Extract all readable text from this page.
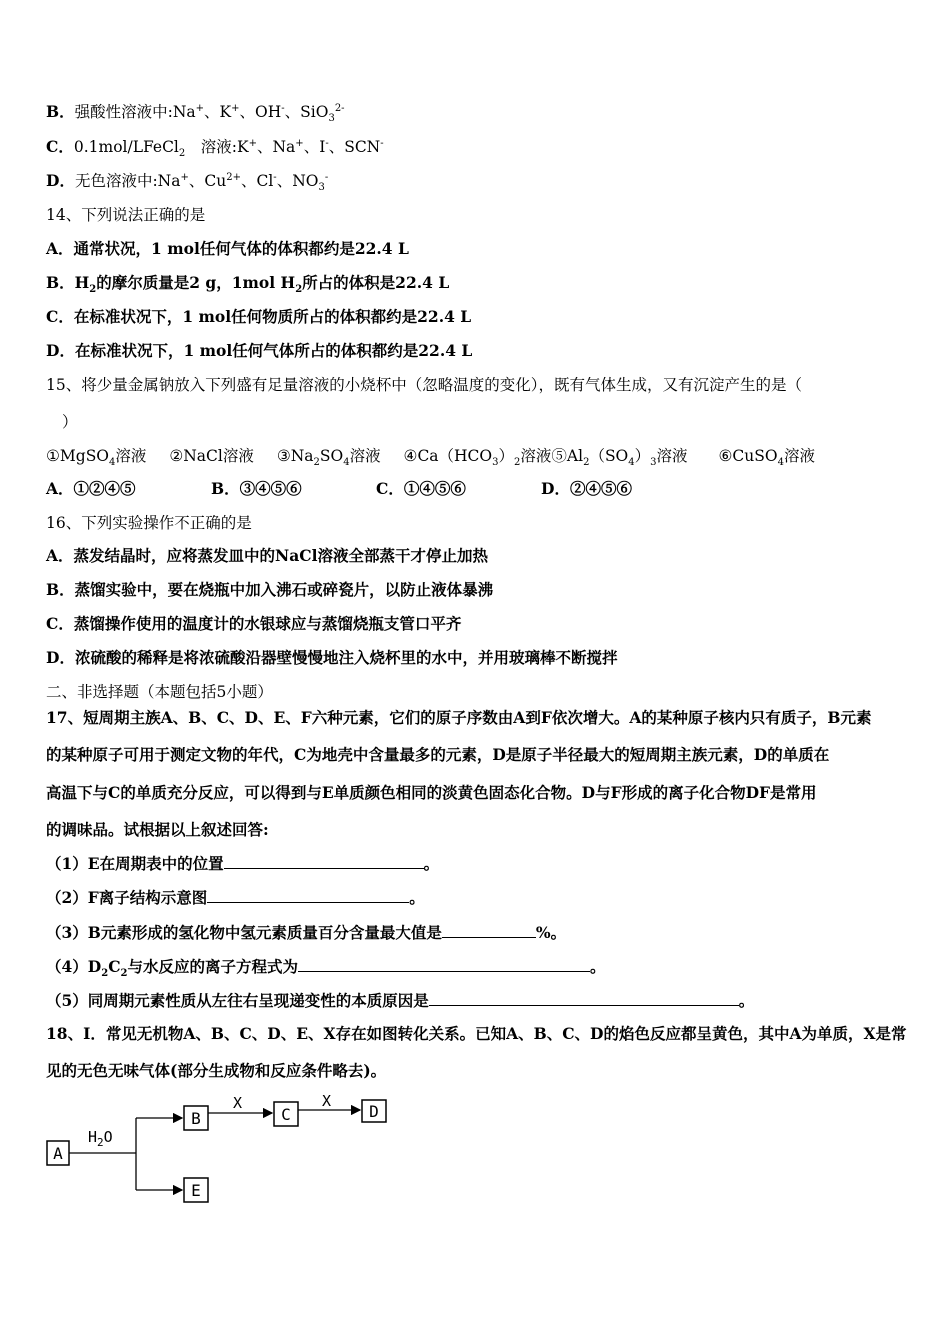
B．强酸性溶液中:Na+、K+、OH-、SiO$_3^{2-}$
C．0.1mol/LFeCl$_2$　溶液:K+、Na+、I-、SCN-
D．无色溶液中:Na+、$Cu^{2+}$、Cl-、$NO_3^-$
14、下列说法正确的是
A．通常状况，1 mol任何气体的体积都约是22.4 L
B．$H_2$的摩尔质量是2 g，1mol $H_2$所占的体积是22.4 L
C．在标准状况下，1 mol任何物质所占的体积都约是22.4 L
D．在标准状况下，1 mol任何气体所占的体积都约是22.4 L
15、将少量金属钠放入下列盛有足量溶液的小烧杯中（忽略温度的变化），既有气体生成，又有沉淀产生的是（
）
①MgSO$_4$溶液 ②NaCl溶液 $③Na_2SO_4$溶液 $④Ca(HCO_3)_2$溶液$⑤Al_2(SO_4)_3$溶液 ⑥CuSO$_4$溶液
A．①②④⑤	B．③④⑤⑥	C．①④⑤⑥	D．②④⑤⑥
16、下列实验操作不正确的是
A．蒸发结晶时，应将蒸发皿中的NaCl溶液全部蒸干才停止加热
B．蒸馏实验中，要在烧瓶中加入沸石或碎瓷片，以防止液体暴沸
C．蒸馏操作使用的温度计的水银球应与蒸馏烧瓶支管口平齐
D．浓硫酸的稀释是将浓硫酸沿器壁慢慢地注入烧杯里的水中，并用玻璃棒不断搅拌
二、非选择题（本题包括5小题）
17、短周期主族A、B、C、D、E、F六种元素，它们的原子序数由A到F依次增大。A的某种原子核内只有质子，B元素
的某种原子可用于测定文物的年代，C为地壳中含量最多的元素，D是原子半径最大的短周期主族元素，D的单质在
高温下与C的单质充分反应，可以得到与E单质颜色相同的淡黄色固态化合物。D与F形成的离子化合物DF是常用
的调味品。试根据以上叙述回答:
（1）E在周期表中的位置	。
（2）F离子结构示意图	。
（3）B元素形成的氢化物中氢元素质量百分含量最大值是	%。
$(4)D_2C_2$与水反应的离子方程式为	。
（5）同周期元素性质从左往右呈现递变性的本质原因是	。
18、I．常见无机物A、B、C、D、E、X存在如图转化关系。已知A、B、C、D的焰色反应都呈黄色，其中A为单质，X是常
见的无色无味气体(部分生成物和反应条件略去)。
A
$H_2O$
B
X
C
X
D
E
